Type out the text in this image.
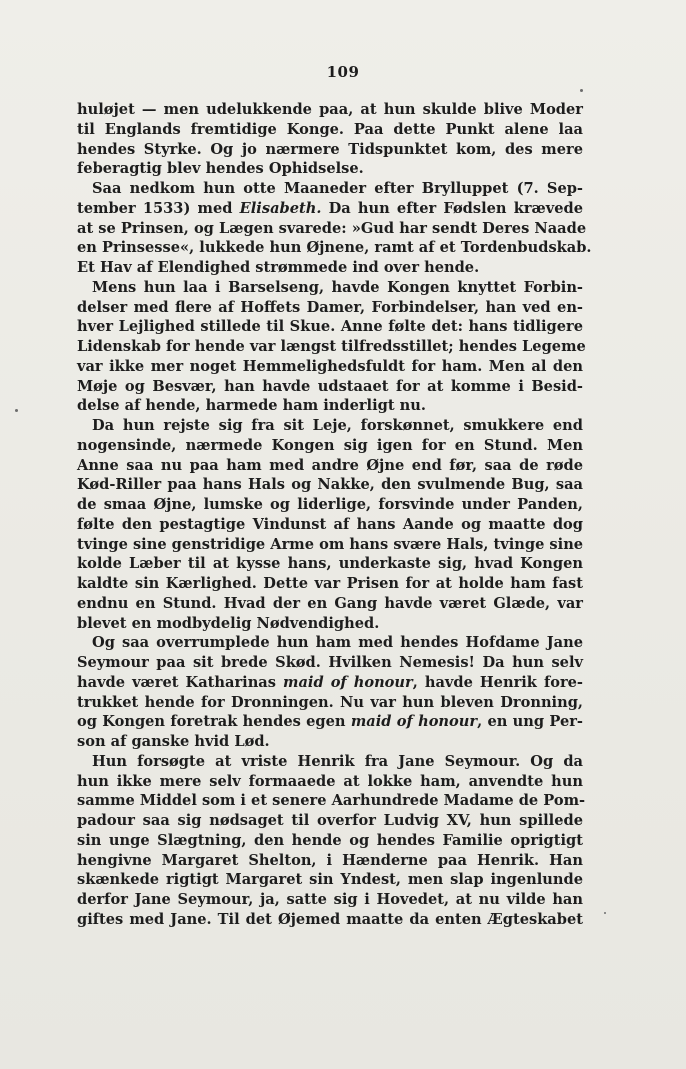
109
huløjet — men udelukkende paa, at hun skulde blive Moder
til Englands fremtidige Konge. Paa dette Punkt alene laa
hendes Styrke. Og jo nærmere Tidspunktet kom, des mere
feberagtig blev hendes Ophidselse.
Saa nedkom hun otte Maaneder efter Brylluppet (7. Sep-
tember 1533) med Elisabeth. Da hun efter Fødslen krævede
at se Prinsen, og Lægen svarede: »Gud har sendt Deres Naade
en Prinsesse«, lukkede hun Øjnene, ramt af et Tordenbudskab.
Et Hav af Elendighed strømmede ind over hende.
Mens hun laa i Barselseng, havde Kongen knyttet Forbin-
delser med flere af Hoffets Damer, Forbindelser, han ved en-
hver Lejlighed stillede til Skue. Anne følte det: hans tidligere
Lidenskab for hende var længst tilfredsstillet; hendes Legeme
var ikke mer noget Hemmelighedsfuldt for ham. Men al den
Møje og Besvær, han havde udstaaet for at komme i Besid-
delse af hende, harmede ham inderligt nu.
Da hun rejste sig fra sit Leje, forskønnet, smukkere end
nogensinde, nærmede Kongen sig igen for en Stund. Men
Anne saa nu paa ham med andre Øjne end før, saa de røde
Kød-Riller paa hans Hals og Nakke, den svulmende Bug, saa
de smaa Øjne, lumske og liderlige, forsvinde under Panden,
følte den pestagtige Vindunst af hans Aande og maatte dog
tvinge sine genstridige Arme om hans svære Hals, tvinge sine
kolde Læber til at kysse hans, underkaste sig, hvad Kongen
kaldte sin Kærlighed. Dette var Prisen for at holde ham fast
endnu en Stund. Hvad der en Gang havde været Glæde, var
blevet en modbydelig Nødvendighed.
Og saa overrumplede hun ham med hendes Hofdame Jane
Seymour paa sit brede Skød. Hvilken Nemesis! Da hun selv
havde været Katharinas maid of honour, havde Henrik fore-
trukket hende for Dronningen. Nu var hun bleven Dronning,
og Kongen foretrak hendes egen maid of honour, en ung Per-
son af ganske hvid Lød.
Hun forsøgte at vriste Henrik fra Jane Seymour. Og da
hun ikke mere selv formaaede at lokke ham, anvendte hun
samme Middel som i et senere Aarhundrede Madame de Pom-
padour saa sig nødsaget til overfor Ludvig XV, hun spillede
sin unge Slægtning, den hende og hendes Familie oprigtigt
hengivne Margaret Shelton, i Hænderne paa Henrik. Han
skænkede rigtigt Margaret sin Yndest, men slap ingenlunde
derfor Jane Seymour, ja, satte sig i Hovedet, at nu vilde han
giftes med Jane. Til det Øjemed maatte da enten Ægteskabet
